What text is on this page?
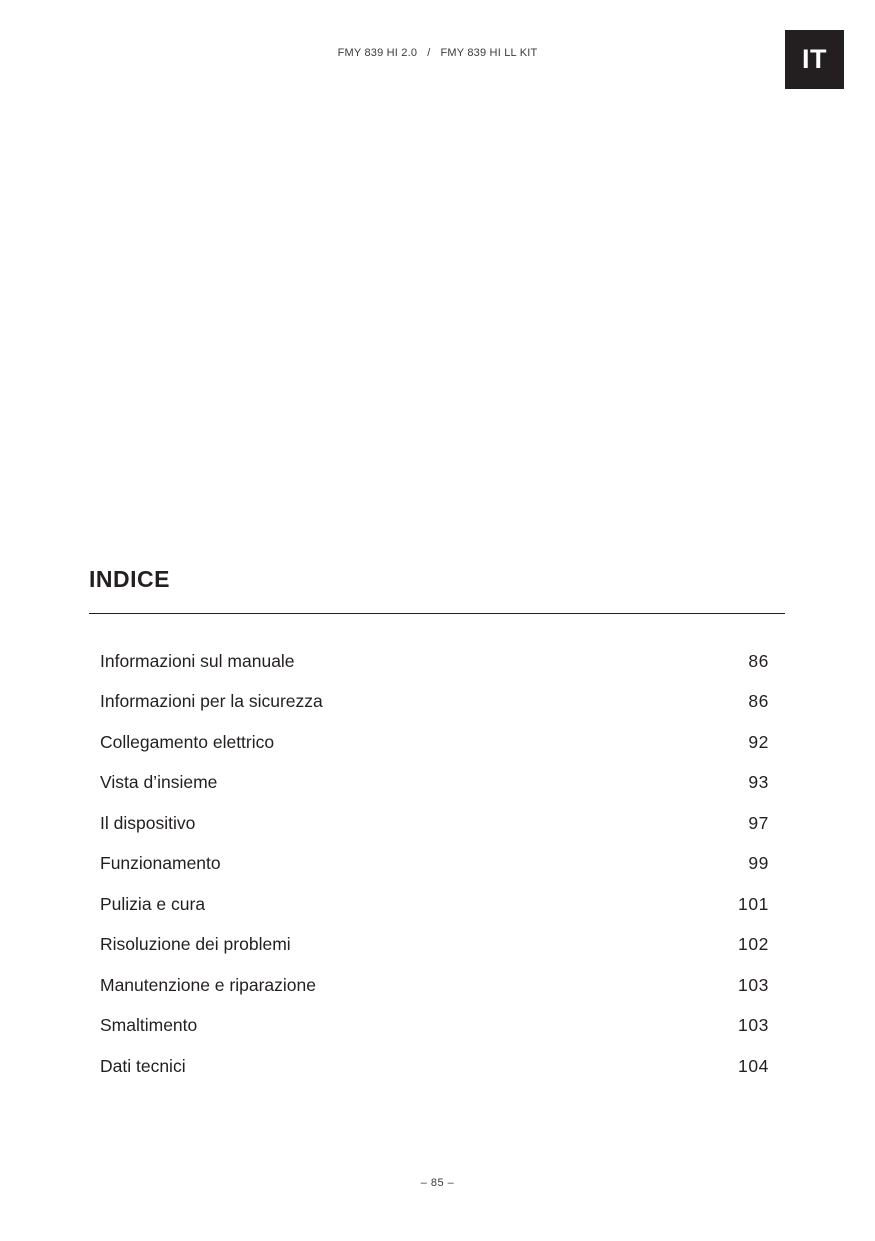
FMY 839 HI 2.0 / FMY 839 HI LL KIT	IT
INDICE
Informazioni sul manuale	86
Informazioni per la sicurezza	86
Collegamento elettrico	92
Vista d’insieme	93
Il dispositivo	97
Funzionamento	99
Pulizia e cura	101
Risoluzione dei problemi	102
Manutenzione e riparazione	103
Smaltimento	103
Dati tecnici	104
– 85 –
